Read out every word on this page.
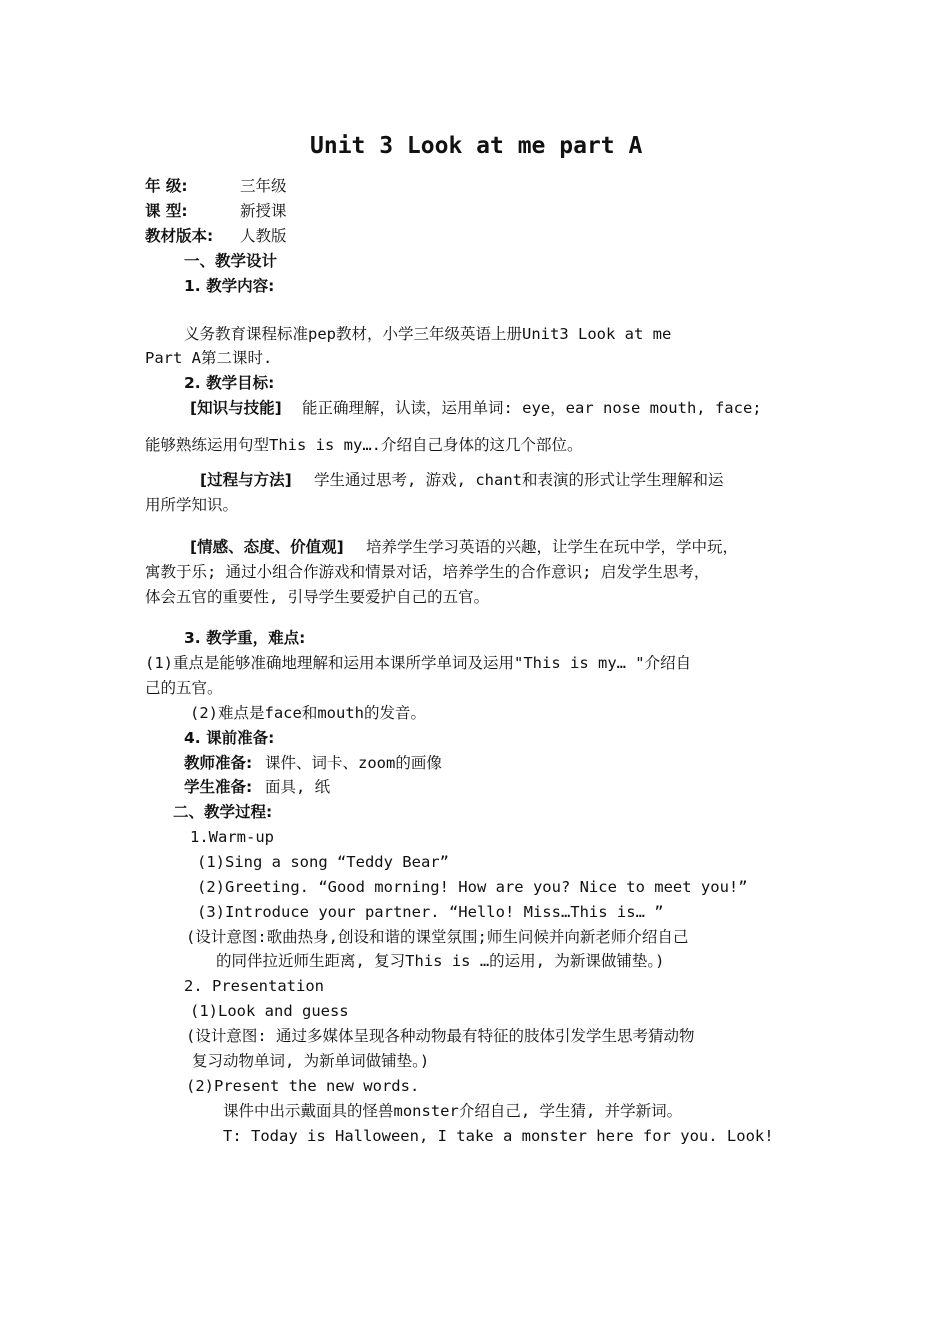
Unit 3 Look at me part A
年 级:	三年级
课 型:	新授课
教材版本: 人教版
一、教学设计
1. 教学内容:
义务教育课程标准pep教材，小学三年级英语上册Unit3 Look at me
Part A第二课时.
2. 教学目标:
[知识与技能] 能正确理解，认读，运用单词: eye，ear nose mouth, face;
能够熟练运用句型This is my….介绍自己身体的这几个部位。
[过程与方法] 学生通过思考, 游戏, chant和表演的形式让学生理解和运
用所学知识。
[情感、态度、价值观] 培养学生学习英语的兴趣，让学生在玩中学，学中玩，
寓教于乐; 通过小组合作游戏和情景对话，培养学生的合作意识; 启发学生思考，
体会五官的重要性, 引导学生要爱护自己的五官。
3. 教学重，难点:
(1)重点是能够准确地理解和运用本课所学单词及运用"This is my… "介绍自
己的五官。
(2)难点是face和mouth的发音。
4. 课前准备:
教师准备: 课件、词卡、zoom的画像
学生准备: 面具, 纸
二、教学过程:
1.Warm-up
(1)Sing a song “Teddy Bear”
(2)Greeting. “Good morning! How are you? Nice to meet you!”
(3)Introduce your partner. “Hello! Miss…This is… ”
(设计意图:歌曲热身,创设和谐的课堂氛围;师生问候并向新老师介绍自己
的同伴拉近师生距离, 复习This is …的运用, 为新课做铺垫。)
2. Presentation
(1)Look and guess
(设计意图: 通过多媒体呈现各种动物最有特征的肢体引发学生思考猜动物
复习动物单词, 为新单词做铺垫。)
(2)Present the new words.
课件中出示戴面具的怪兽monster介绍自己, 学生猜, 并学新词。
T: Today is Halloween, I take a monster here for you. Look!
